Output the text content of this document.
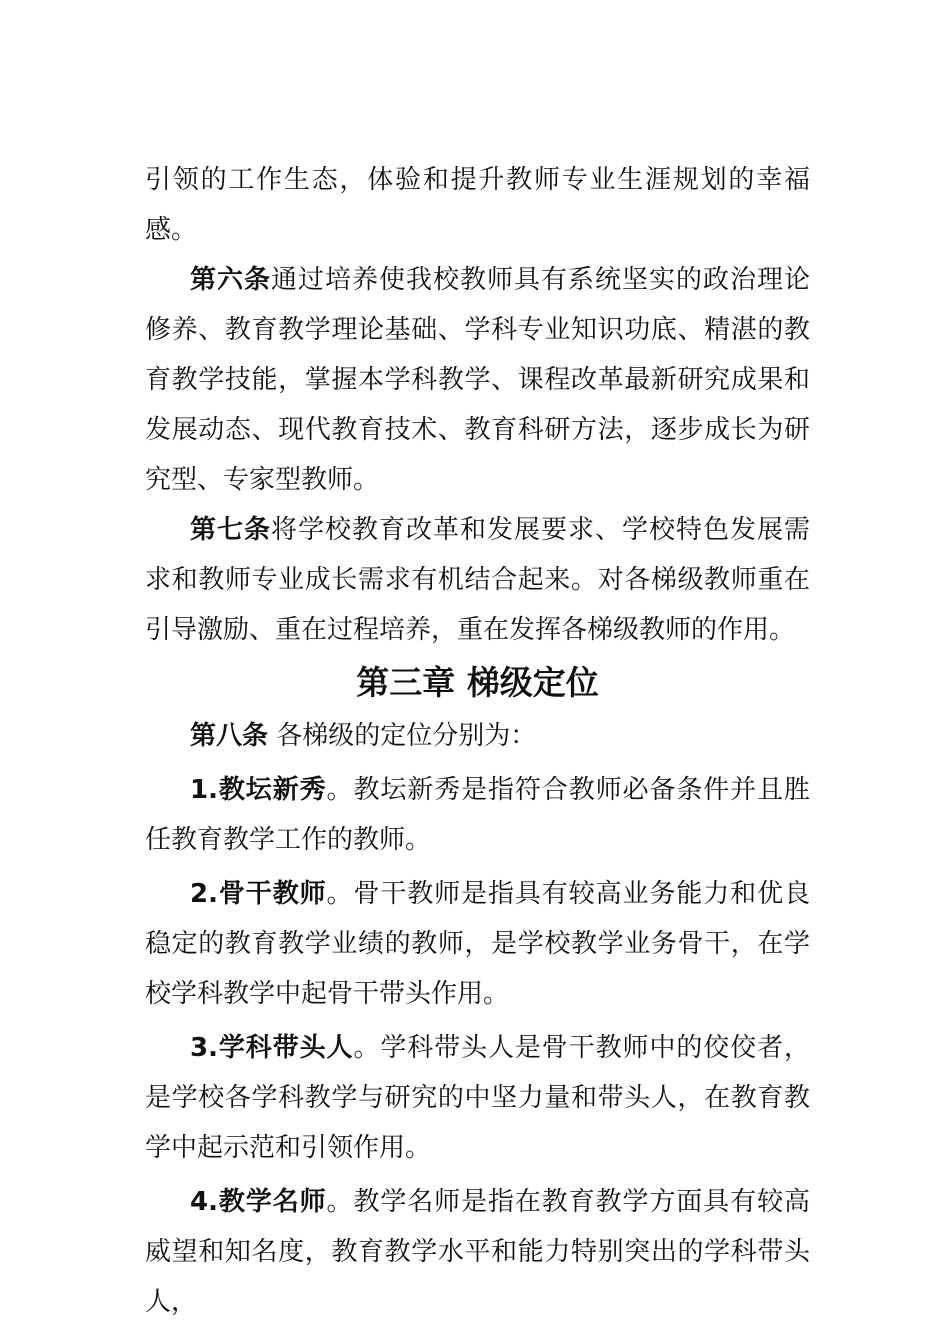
引领的工作生态，体验和提升教师专业生涯规划的幸福感。

第六条通过培养使我校教师具有系统坚实的政治理论修养、教育教学理论基础、学科专业知识功底、精湛的教育教学技能，掌握本学科教学、课程改革最新研究成果和发展动态、现代教育技术、教育科研方法，逐步成长为研究型、专家型教师。

第七条将学校教育改革和发展要求、学校特色发展需求和教师专业成长需求有机结合起来。对各梯级教师重在引导激励、重在过程培养，重在发挥各梯级教师的作用。

第三章 梯级定位

第八条 各梯级的定位分别为：

1.教坛新秀。教坛新秀是指符合教师必备条件并且胜任教育教学工作的教师。

2.骨干教师。骨干教师是指具有较高业务能力和优良稳定的教育教学业绩的教师，是学校教学业务骨干，在学校学科教学中起骨干带头作用。

3.学科带头人。学科带头人是骨干教师中的佼佼者，是学校各学科教学与研究的中坚力量和带头人，在教育教学中起示范和引领作用。

4.教学名师。教学名师是指在教育教学方面具有较高威望和知名度，教育教学水平和能力特别突出的学科带头人，
